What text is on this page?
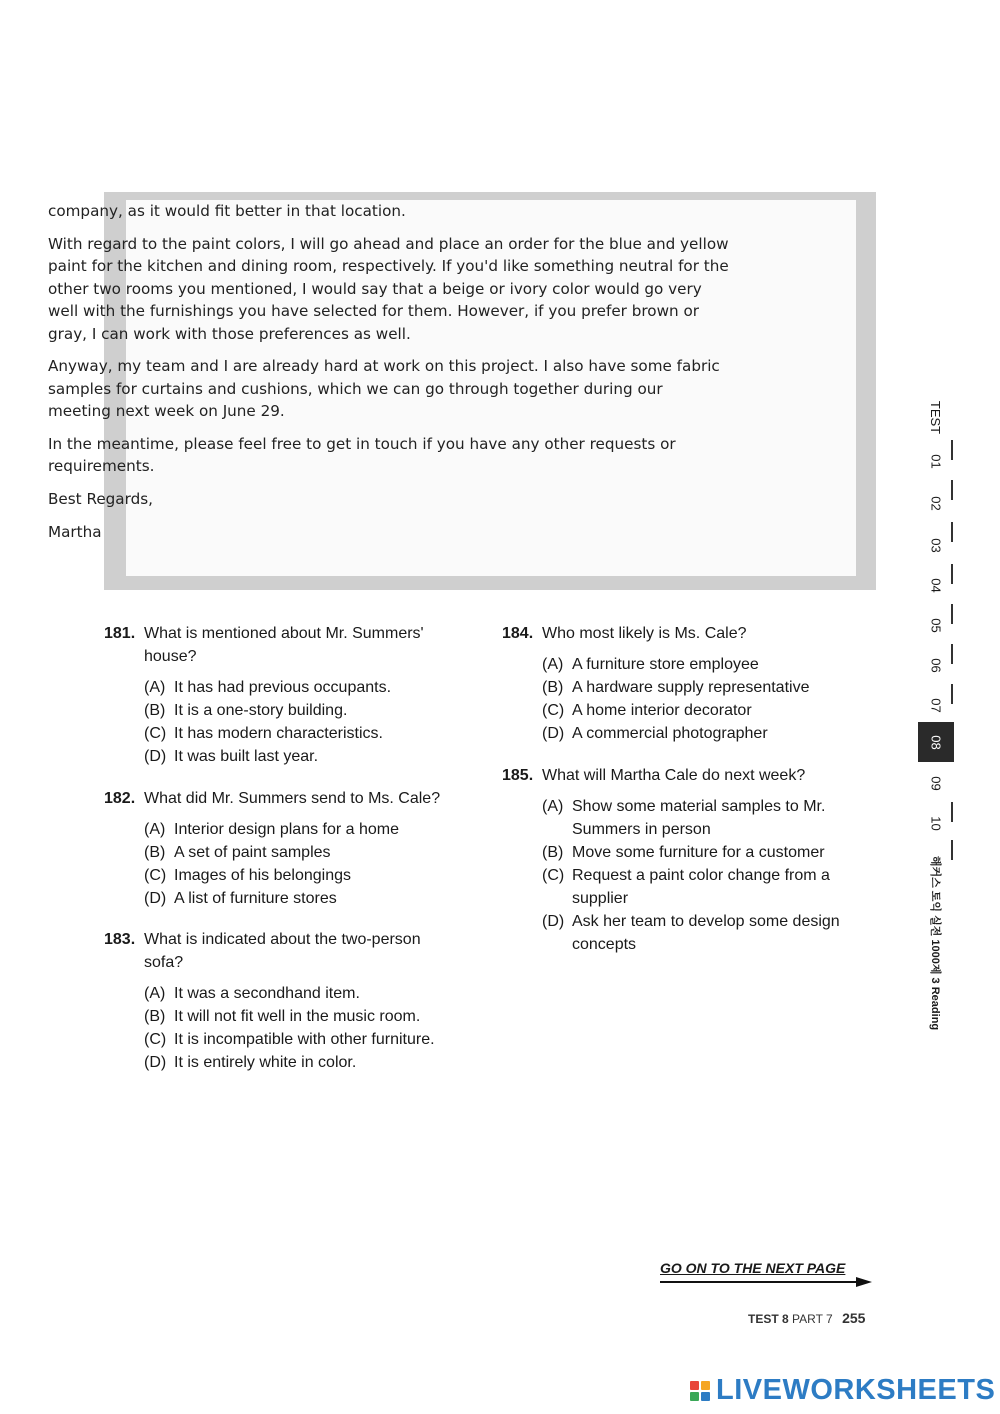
company, as it would fit better in that location.

With regard to the paint colors, I will go ahead and place an order for the blue and yellow paint for the kitchen and dining room, respectively. If you'd like something neutral for the other two rooms you mentioned, I would say that a beige or ivory color would go very well with the furnishings you have selected for them. However, if you prefer brown or gray, I can work with those preferences as well.

Anyway, my team and I are already hard at work on this project. I also have some fabric samples for curtains and cushions, which we can go through together during our meeting next week on June 29.

In the meantime, please feel free to get in touch if you have any other requests or requirements.

Best Regards,

Martha

181. What is mentioned about Mr. Summers' house?
(A) It has had previous occupants.
(B) It is a one-story building.
(C) It has modern characteristics.
(D) It was built last year.
182. What did Mr. Summers send to Ms. Cale?
(A) Interior design plans for a home
(B) A set of paint samples
(C) Images of his belongings
(D) A list of furniture stores
183. What is indicated about the two-person sofa?
(A) It was a secondhand item.
(B) It will not fit well in the music room.
(C) It is incompatible with other furniture.
(D) It is entirely white in color.
184. Who most likely is Ms. Cale?
(A) A furniture store employee
(B) A hardware supply representative
(C) A home interior decorator
(D) A commercial photographer
185. What will Martha Cale do next week?
(A) Show some material samples to Mr. Summers in person
(B) Move some furniture for a customer
(C) Request a paint color change from a supplier
(D) Ask her team to develop some design concepts
TEST
01
02
03
04
05
06
07
08
09
10
해커스 토익 실전 1000제 3 Reading
GO ON TO THE NEXT PAGE
TEST 8 PART 7 255
LIVEWORKSHEETS
